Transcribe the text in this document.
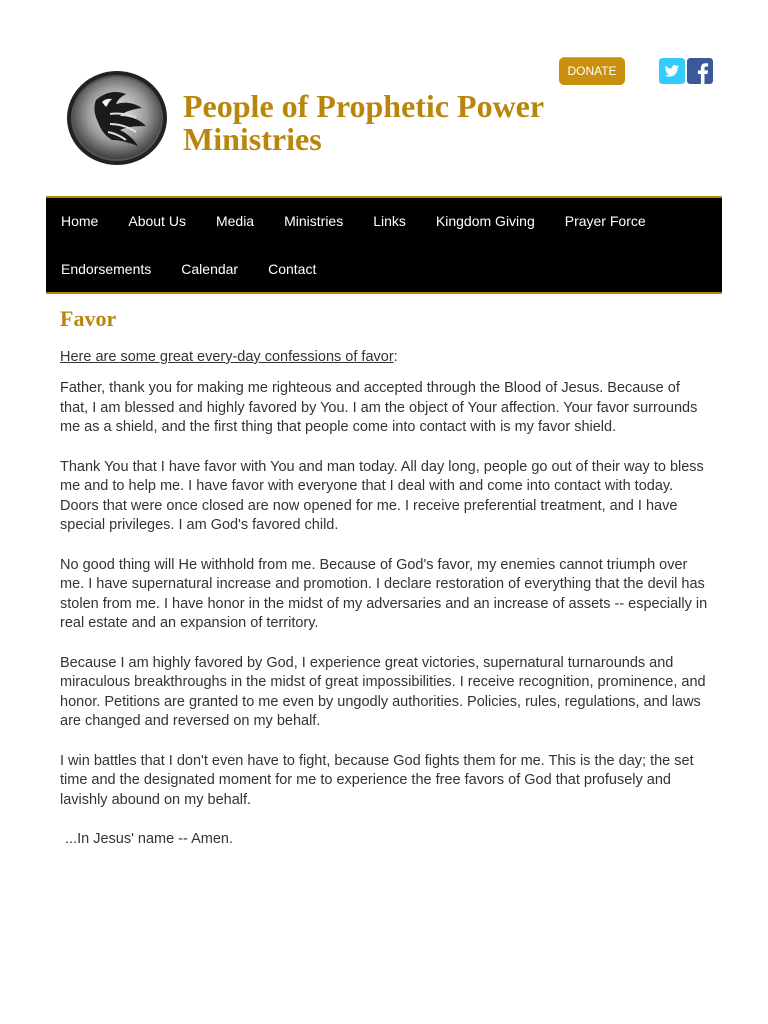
People of Prophetic Power
Ministries
DONATE
Home	About Us	Media	Ministries	Links	Kingdom Giving	Prayer Force
Endorsements	Calendar	Contact
Favor

Here are some great every-day confessions of favor:

Father, thank you for making me righteous and accepted through the Blood of Jesus. Because of that, I am blessed and highly favored by You. I am the object of Your affection. Your favor surrounds me as a shield, and the first thing that people come into contact with is my favor shield.

Thank You that I have favor with You and man today. All day long, people go out of their way to bless me and to help me. I have favor with everyone that I deal with and come into contact with today. Doors that were once closed are now opened for me. I receive preferential treatment, and I have special privileges. I am God's favored child.

No good thing will He withhold from me. Because of God's favor, my enemies cannot triumph over me. I have supernatural increase and promotion. I declare restoration of everything that the devil has stolen from me. I have honor in the midst of my adversaries and an increase of assets -- especially in real estate and an expansion of territory.

Because I am highly favored by God, I experience great victories, supernatural turnarounds and miraculous breakthroughs in the midst of great impossibilities. I receive recognition, prominence, and honor. Petitions are granted to me even by ungodly authorities. Policies, rules, regulations, and laws are changed and reversed on my behalf.

I win battles that I don't even have to fight, because God fights them for me. This is the day; the set time and the designated moment for me to experience the free favors of God that profusely and lavishly abound on my behalf.

...In Jesus' name -- Amen.
